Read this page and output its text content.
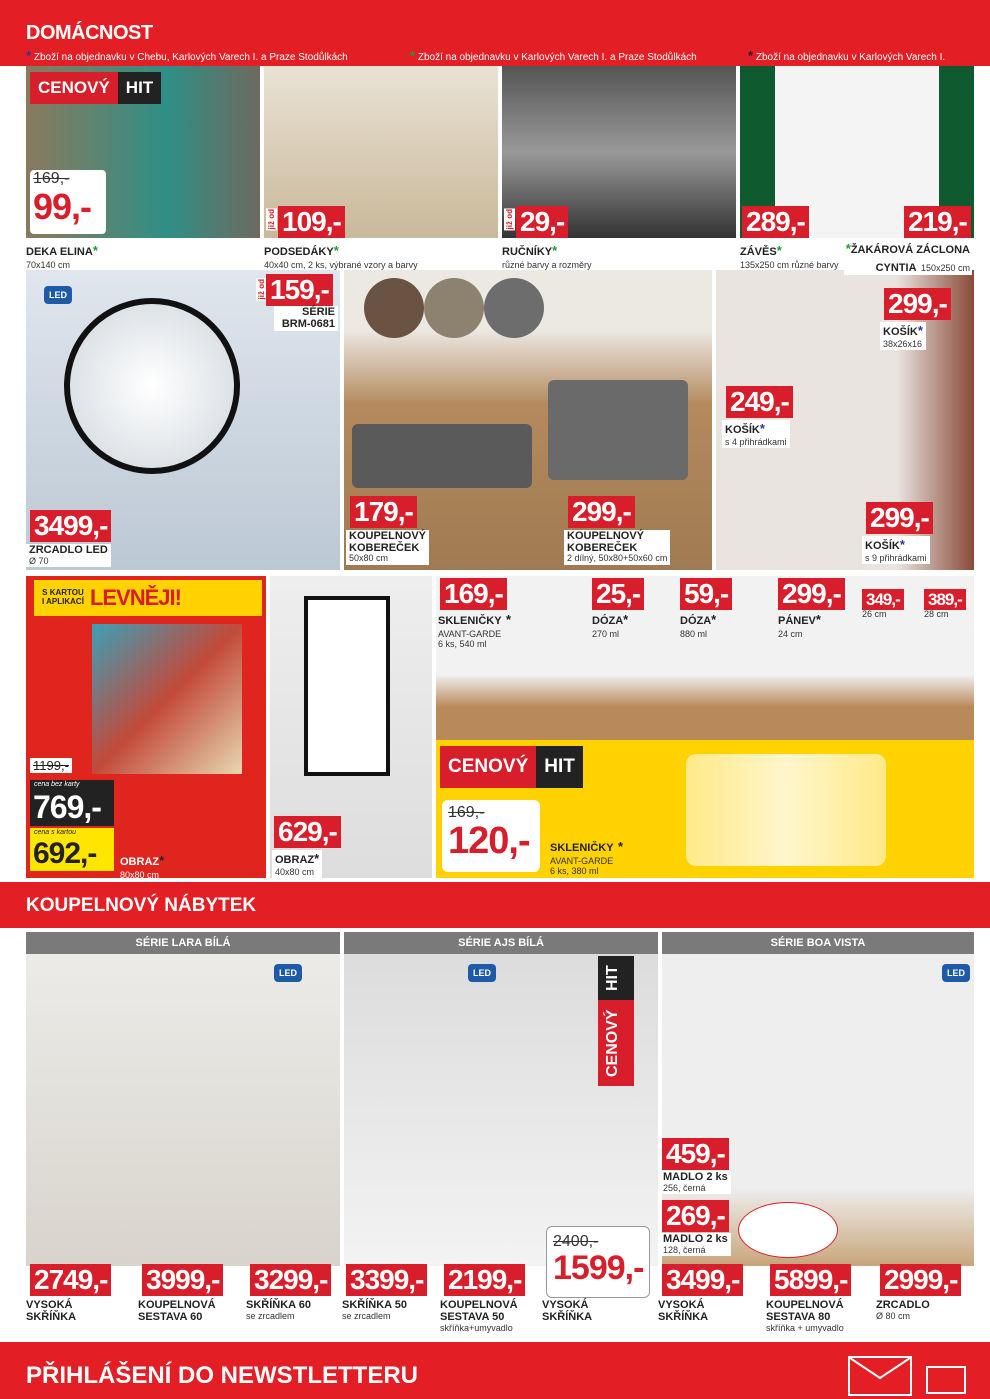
DOMÁCNOST
* Zboží na objednavku v Chebu, Karlových Varech I. a Praze Stodůlkách	* Zboží na objednavku v Karlových Varech I. a Praze Stodůlkách	* Zboží na objednavku v Karlových Varech I.
CENOVÝ HIT
169,-
99,-
DEKA ELINA*
70x140 cm
již od 109,-
PODSEDÁKY*
40x40 cm, 2 ks, výbrané vzory a barvy
již od 29,-
RUČNÍKY*
různé barvy a rozměry
289,-	219,-
ZÁVĚS*
135x250 cm různé barvy
*ŽAKÁROVÁ ZÁCLONA
CYNTIA 150x250 cm
LED	již od 159,-
SÉRIE
BRM-0681
3499,-
ZRCADLO LED
Ø 70
179,-
KOUPELNOVÝ
KOBEREČEK
50x80 cm
299,-
KOUPELNOVÝ
KOBEREČEK
2 dílný, 50x80+50x60 cm
299,-
KOŠÍK*
38x26x16
249,-
KOŠÍK*
s 4 přihrádkami
299,-
KOŠÍK*
s 9 přihrádkami
S KARTOU
I APLIKACÍ LEVNĚJI!
1199,-
cena bez karty
769,-
cena s kartou
692,-	OBRAZ*
80x80 cm
629,-
OBRAZ*
40x80 cm
169,-
SKLENIČKY *
AVANT-GARDE
6 ks, 540 ml
25,-
DÓZA*
270 ml
59,-
DÓZA*
880 ml
299,-
PÁNEV*
24 cm
349,-
26 cm
389,-
28 cm
CENOVÝ HIT
169,-
120,-	SKLENIČKY *
AVANT-GARDE
6 ks, 380 ml
KOUPELNOVÝ NÁBYTEK
SÉRIE LARA BÍLÁ	SÉRIE AJS BÍLÁ	SÉRIE BOA VISTA
LED	LED	LED
HIT
CENOVÝ
459,-
MADLO 2 ks
256, černá
269,-
MADLO 2 ks
128, černá
2749,-
VYSOKÁ
SKŘÍŇKA
3999,-
KOUPELNOVÁ
SESTAVA 60
3299,-
SKŘÍŇKA 60
se zrcadlem
3399,-
SKŘÍŇKA 50
se zrcadlem
2199,-
KOUPELNOVÁ
SESTAVA 50
skříňka+umyvadlo
2400,-
1599,-
VYSOKÁ
SKŘÍŇKA
3499,-
VYSOKÁ
SKŘÍŇKA
5899,-
KOUPELNOVÁ
SESTAVA 80
skříňka + umyvadlo
2999,-
ZRCADLO
Ø 80 cm
PŘIHLÁŠENÍ DO NEWSTLETTERU
